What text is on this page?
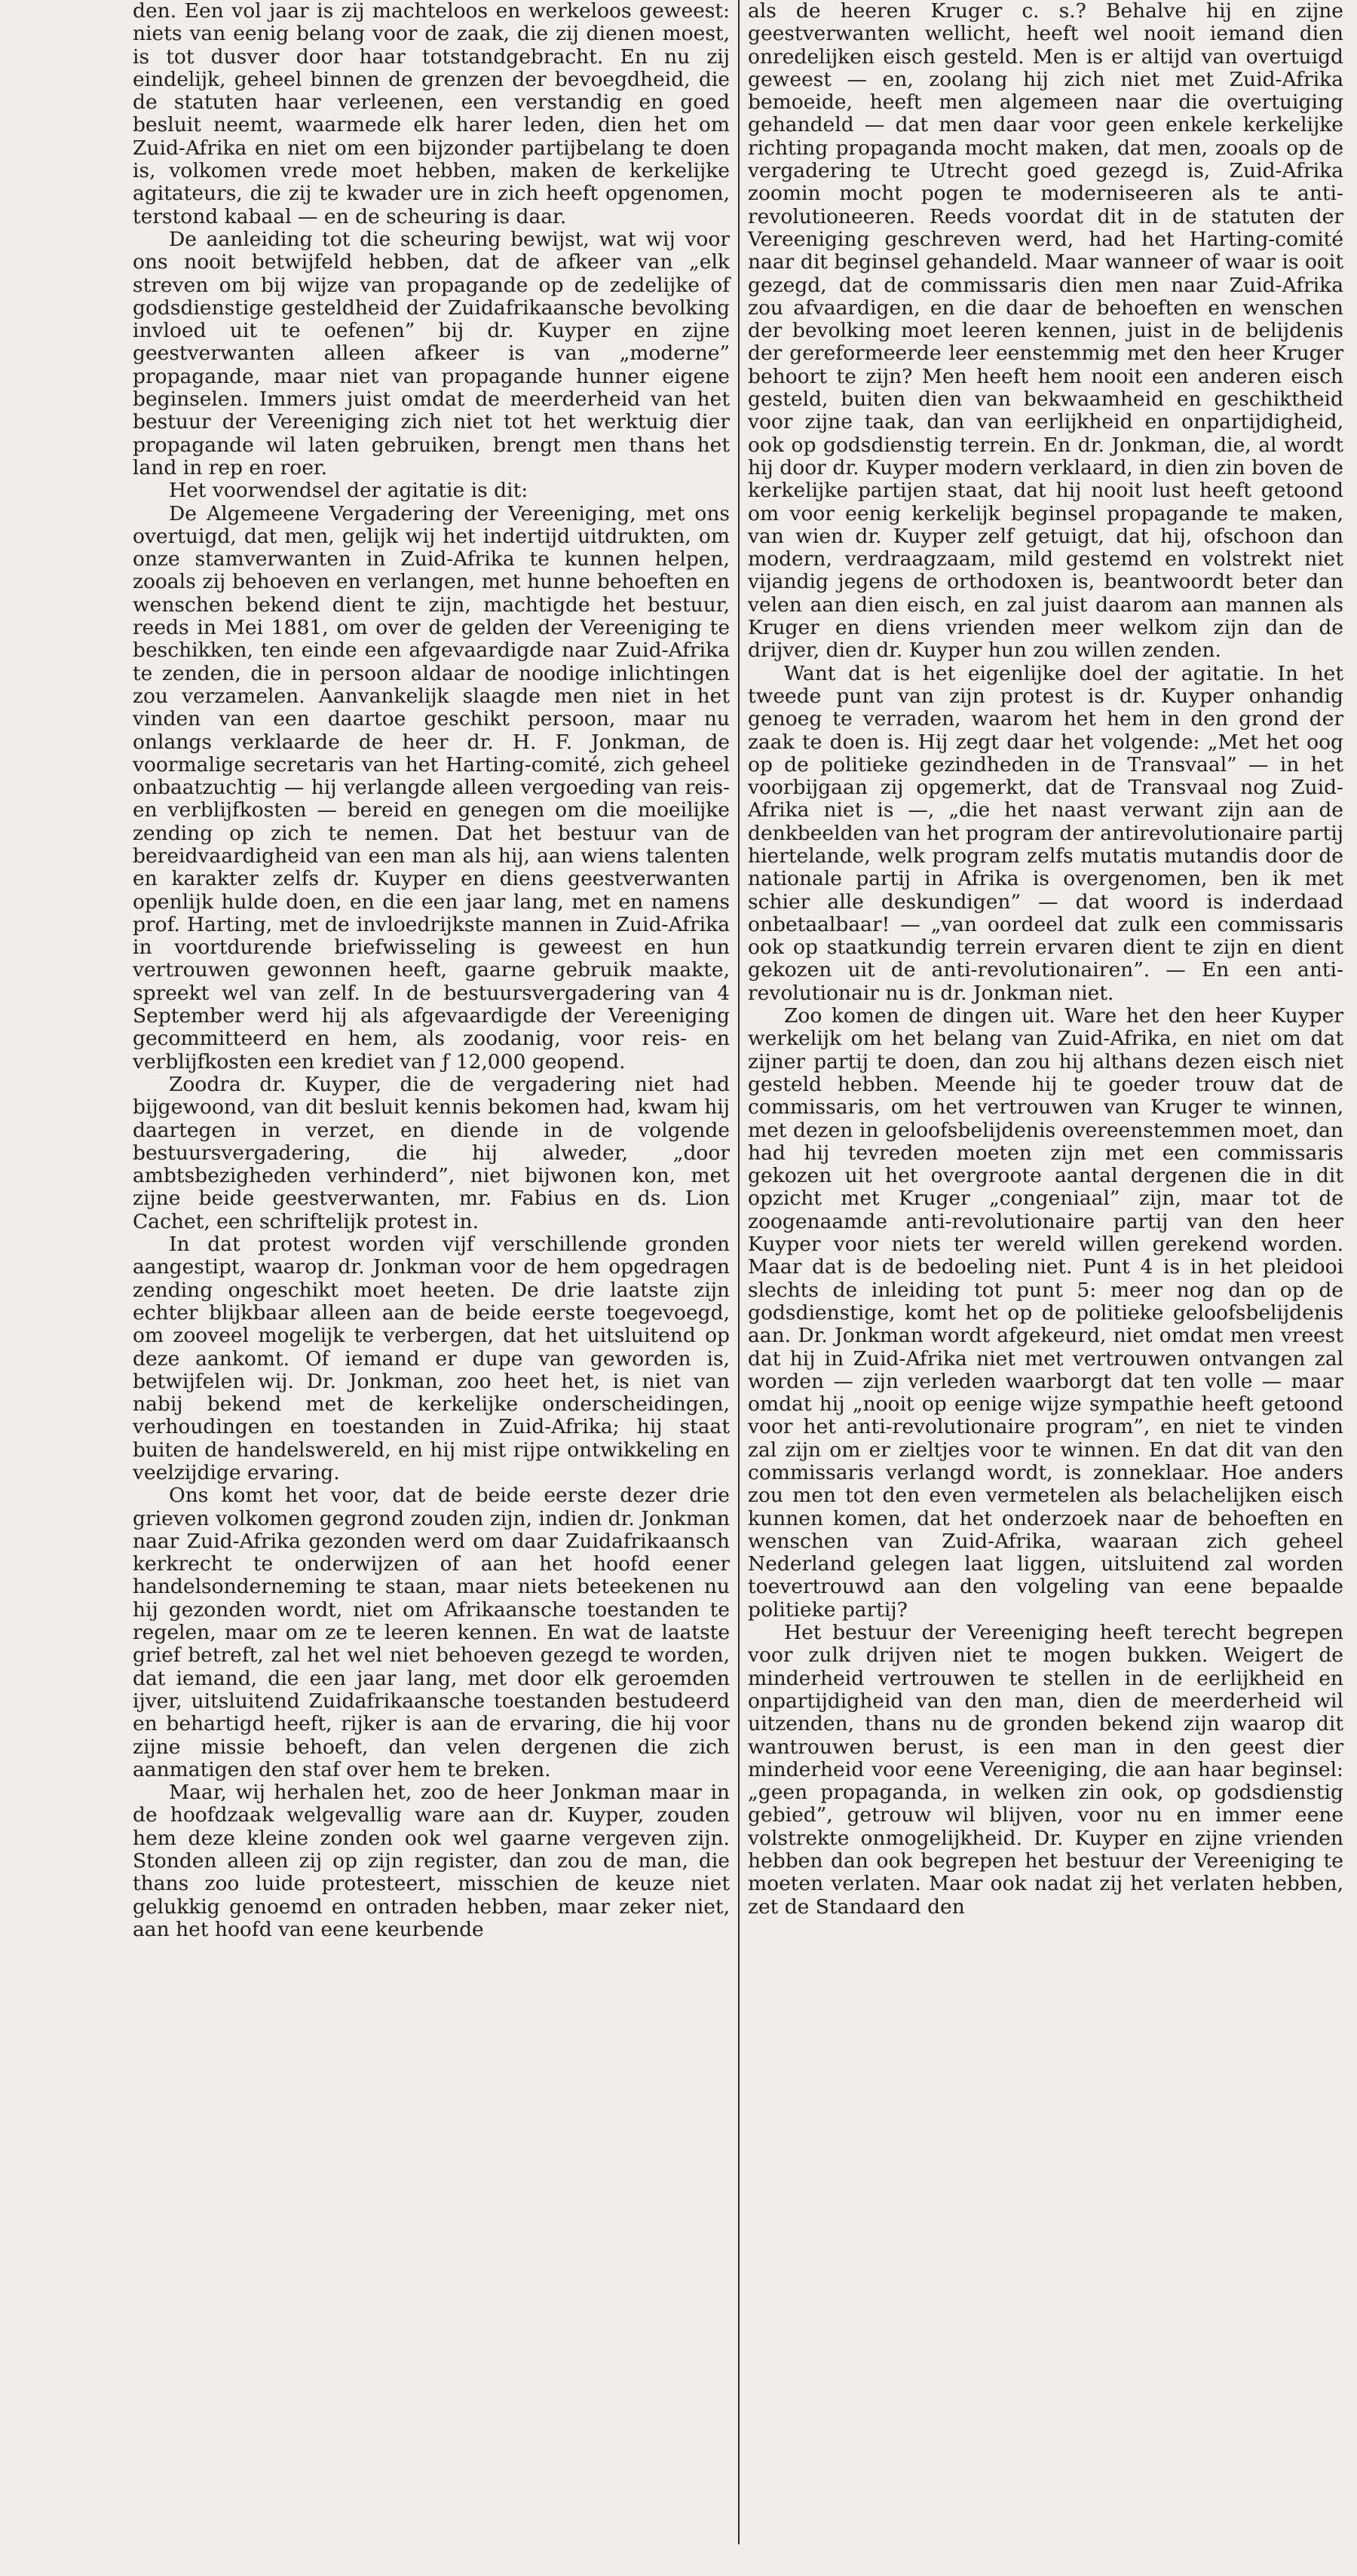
den. Een vol jaar is zij machteloos en werkeloos geweest: niets van eenig belang voor de zaak, die zij dienen moest, is tot dusver door haar totstandgebracht. En nu zij eindelijk, geheel binnen de grenzen der bevoegdheid, die de statuten haar verleenen, een verstandig en goed besluit neemt, waarmede elk harer leden, dien het om Zuid-Afrika en niet om een bijzonder partijbelang te doen is, volkomen vrede moet hebben, maken de kerkelijke agitateurs, die zij te kwader ure in zich heeft opgenomen, terstond kabaal — en de scheuring is daar.

De aanleiding tot die scheuring bewijst, wat wij voor ons nooit betwijfeld hebben, dat de afkeer van „elk streven om bij wijze van propagande op de zedelijke of godsdienstige gesteldheid der Zuidafrikaansche bevolking invloed uit te oefenen” bij dr. Kuyper en zijne geestverwanten alleen afkeer is van „moderne” propagande, maar niet van propagande hunner eigene beginselen. Immers juist omdat de meerderheid van het bestuur der Vereeniging zich niet tot het werktuig dier propagande wil laten gebruiken, brengt men thans het land in rep en roer.

Het voorwendsel der agitatie is dit:

De Algemeene Vergadering der Vereeniging, met ons overtuigd, dat men, gelijk wij het indertijd uitdrukten, om onze stamverwanten in Zuid-Afrika te kunnen helpen, zooals zij behoeven en verlangen, met hunne behoeften en wenschen bekend dient te zijn, machtigde het bestuur, reeds in Mei 1881, om over de gelden der Vereeniging te beschikken, ten einde een afgevaardigde naar Zuid-Afrika te zenden, die in persoon aldaar de noodige inlichtingen zou verzamelen. Aanvankelijk slaagde men niet in het vinden van een daartoe geschikt persoon, maar nu onlangs verklaarde de heer dr. H. F. Jonkman, de voormalige secretaris van het Harting-comité, zich geheel onbaatzuchtig — hij verlangde alleen vergoeding van reis- en verblijfkosten — bereid en genegen om die moeilijke zending op zich te nemen. Dat het bestuur van de bereidvaardigheid van een man als hij, aan wiens talenten en karakter zelfs dr. Kuyper en diens geestverwanten openlijk hulde doen, en die een jaar lang, met en namens prof. Harting, met de invloedrijkste mannen in Zuid-Afrika in voortdurende briefwisseling is geweest en hun vertrouwen gewonnen heeft, gaarne gebruik maakte, spreekt wel van zelf. In de bestuursvergadering van 4 September werd hij als afgevaardigde der Vereeniging gecommitteerd en hem, als zoodanig, voor reis- en verblijfkosten een krediet van ƒ 12,000 geopend.

Zoodra dr. Kuyper, die de vergadering niet had bijgewoond, van dit besluit kennis bekomen had, kwam hij daartegen in verzet, en diende in de volgende bestuursvergadering, die hij alweder, „door ambtsbezigheden verhinderd”, niet bijwonen kon, met zijne beide geestverwanten, mr. Fabius en ds. Lion Cachet, een schriftelijk protest in.

In dat protest worden vijf verschillende gronden aangestipt, waarop dr. Jonkman voor de hem opgedragen zending ongeschikt moet heeten. De drie laatste zijn echter blijkbaar alleen aan de beide eerste toegevoegd, om zooveel mogelijk te verbergen, dat het uitsluitend op deze aankomt. Of iemand er dupe van geworden is, betwijfelen wij. Dr. Jonkman, zoo heet het, is niet van nabij bekend met de kerkelijke onderscheidingen, verhoudingen en toestanden in Zuid-Afrika; hij staat buiten de handelswereld, en hij mist rijpe ontwikkeling en veelzijdige ervaring.

Ons komt het voor, dat de beide eerste dezer drie grieven volkomen gegrond zouden zijn, indien dr. Jonkman naar Zuid-Afrika gezonden werd om daar Zuidafrikaansch kerkrecht te onderwijzen of aan het hoofd eener handelsonderneming te staan, maar niets beteekenen nu hij gezonden wordt, niet om Afrikaansche toestanden te regelen, maar om ze te leeren kennen. En wat de laatste grief betreft, zal het wel niet behoeven gezegd te worden, dat iemand, die een jaar lang, met door elk geroemden ijver, uitsluitend Zuidafrikaansche toestanden bestudeerd en behartigd heeft, rijker is aan de ervaring, die hij voor zijne missie behoeft, dan velen dergenen die zich aanmatigen den staf over hem te breken.

Maar, wij herhalen het, zoo de heer Jonkman maar in de hoofdzaak welgevallig ware aan dr. Kuyper, zouden hem deze kleine zonden ook wel gaarne vergeven zijn. Stonden alleen zij op zijn register, dan zou de man, die thans zoo luide protesteert, misschien de keuze niet gelukkig genoemd en ontraden hebben, maar zeker niet, aan het hoofd van eene keurbende

als de heeren Kruger c. s.? Behalve hij en zijne geestverwanten wellicht, heeft wel nooit iemand dien onredelijken eisch gesteld. Men is er altijd van overtuigd geweest — en, zoolang hij zich niet met Zuid-Afrika bemoeide, heeft men algemeen naar die overtuiging gehandeld — dat men daar voor geen enkele kerkelijke richting propaganda mocht maken, dat men, zooals op de vergadering te Utrecht goed gezegd is, Zuid-Afrika zoomin mocht pogen te moderniseeren als te anti-revolutioneeren. Reeds voordat dit in de statuten der Vereeniging geschreven werd, had het Harting-comité naar dit beginsel gehandeld. Maar wanneer of waar is ooit gezegd, dat de commissaris dien men naar Zuid-Afrika zou afvaardigen, en die daar de behoeften en wenschen der bevolking moet leeren kennen, juist in de belijdenis der gereformeerde leer eenstemmig met den heer Kruger behoort te zijn? Men heeft hem nooit een anderen eisch gesteld, buiten dien van bekwaamheid en geschiktheid voor zijne taak, dan van eerlijkheid en onpartijdigheid, ook op godsdienstig terrein. En dr. Jonkman, die, al wordt hij door dr. Kuyper modern verklaard, in dien zin boven de kerkelijke partijen staat, dat hij nooit lust heeft getoond om voor eenig kerkelijk beginsel propagande te maken, van wien dr. Kuyper zelf getuigt, dat hij, ofschoon dan modern, verdraagzaam, mild gestemd en volstrekt niet vijandig jegens de orthodoxen is, beantwoordt beter dan velen aan dien eisch, en zal juist daarom aan mannen als Kruger en diens vrienden meer welkom zijn dan de drijver, dien dr. Kuyper hun zou willen zenden.

Want dat is het eigenlijke doel der agitatie. In het tweede punt van zijn protest is dr. Kuyper onhandig genoeg te verraden, waarom het hem in den grond der zaak te doen is. Hij zegt daar het volgende: „Met het oog op de politieke gezindheden in de Transvaal” — in het voorbijgaan zij opgemerkt, dat de Transvaal nog Zuid-Afrika niet is —, „die het naast verwant zijn aan de denkbeelden van het program der antirevolutionaire partij hiertelande, welk program zelfs mutatis mutandis door de nationale partij in Afrika is overgenomen, ben ik met schier alle deskundigen” — dat woord is inderdaad onbetaalbaar! — „van oordeel dat zulk een commissaris ook op staatkundig terrein ervaren dient te zijn en dient gekozen uit de anti-revolutionairen”. — En een anti-revolutionair nu is dr. Jonkman niet.

Zoo komen de dingen uit. Ware het den heer Kuyper werkelijk om het belang van Zuid-Afrika, en niet om dat zijner partij te doen, dan zou hij althans dezen eisch niet gesteld hebben. Meende hij te goeder trouw dat de commissaris, om het vertrouwen van Kruger te winnen, met dezen in geloofsbelijdenis overeenstemmen moet, dan had hij tevreden moeten zijn met een commissaris gekozen uit het overgroote aantal dergenen die in dit opzicht met Kruger „congeniaal” zijn, maar tot de zoogenaamde anti-revolutionaire partij van den heer Kuyper voor niets ter wereld willen gerekend worden. Maar dat is de bedoeling niet. Punt 4 is in het pleidooi slechts de inleiding tot punt 5: meer nog dan op de godsdienstige, komt het op de politieke geloofsbelijdenis aan. Dr. Jonkman wordt afgekeurd, niet omdat men vreest dat hij in Zuid-Afrika niet met vertrouwen ontvangen zal worden — zijn verleden waarborgt dat ten volle — maar omdat hij „nooit op eenige wijze sympathie heeft getoond voor het anti-revolutionaire program”, en niet te vinden zal zijn om er zieltjes voor te winnen. En dat dit van den commissaris verlangd wordt, is zonneklaar. Hoe anders zou men tot den even vermetelen als belachelijken eisch kunnen komen, dat het onderzoek naar de behoeften en wenschen van Zuid-Afrika, waaraan zich geheel Nederland gelegen laat liggen, uitsluitend zal worden toevertrouwd aan den volgeling van eene bepaalde politieke partij?

Het bestuur der Vereeniging heeft terecht begrepen voor zulk drijven niet te mogen bukken. Weigert de minderheid vertrouwen te stellen in de eerlijkheid en onpartijdigheid van den man, dien de meerderheid wil uitzenden, thans nu de gronden bekend zijn waarop dit wantrouwen berust, is een man in den geest dier minderheid voor eene Vereeniging, die aan haar beginsel: „geen propaganda, in welken zin ook, op godsdienstig gebied”, getrouw wil blijven, voor nu en immer eene volstrekte onmogelijkheid. Dr. Kuyper en zijne vrienden hebben dan ook begrepen het bestuur der Vereeniging te moeten verlaten. Maar ook nadat zij het verlaten hebben, zet de Standaard den
